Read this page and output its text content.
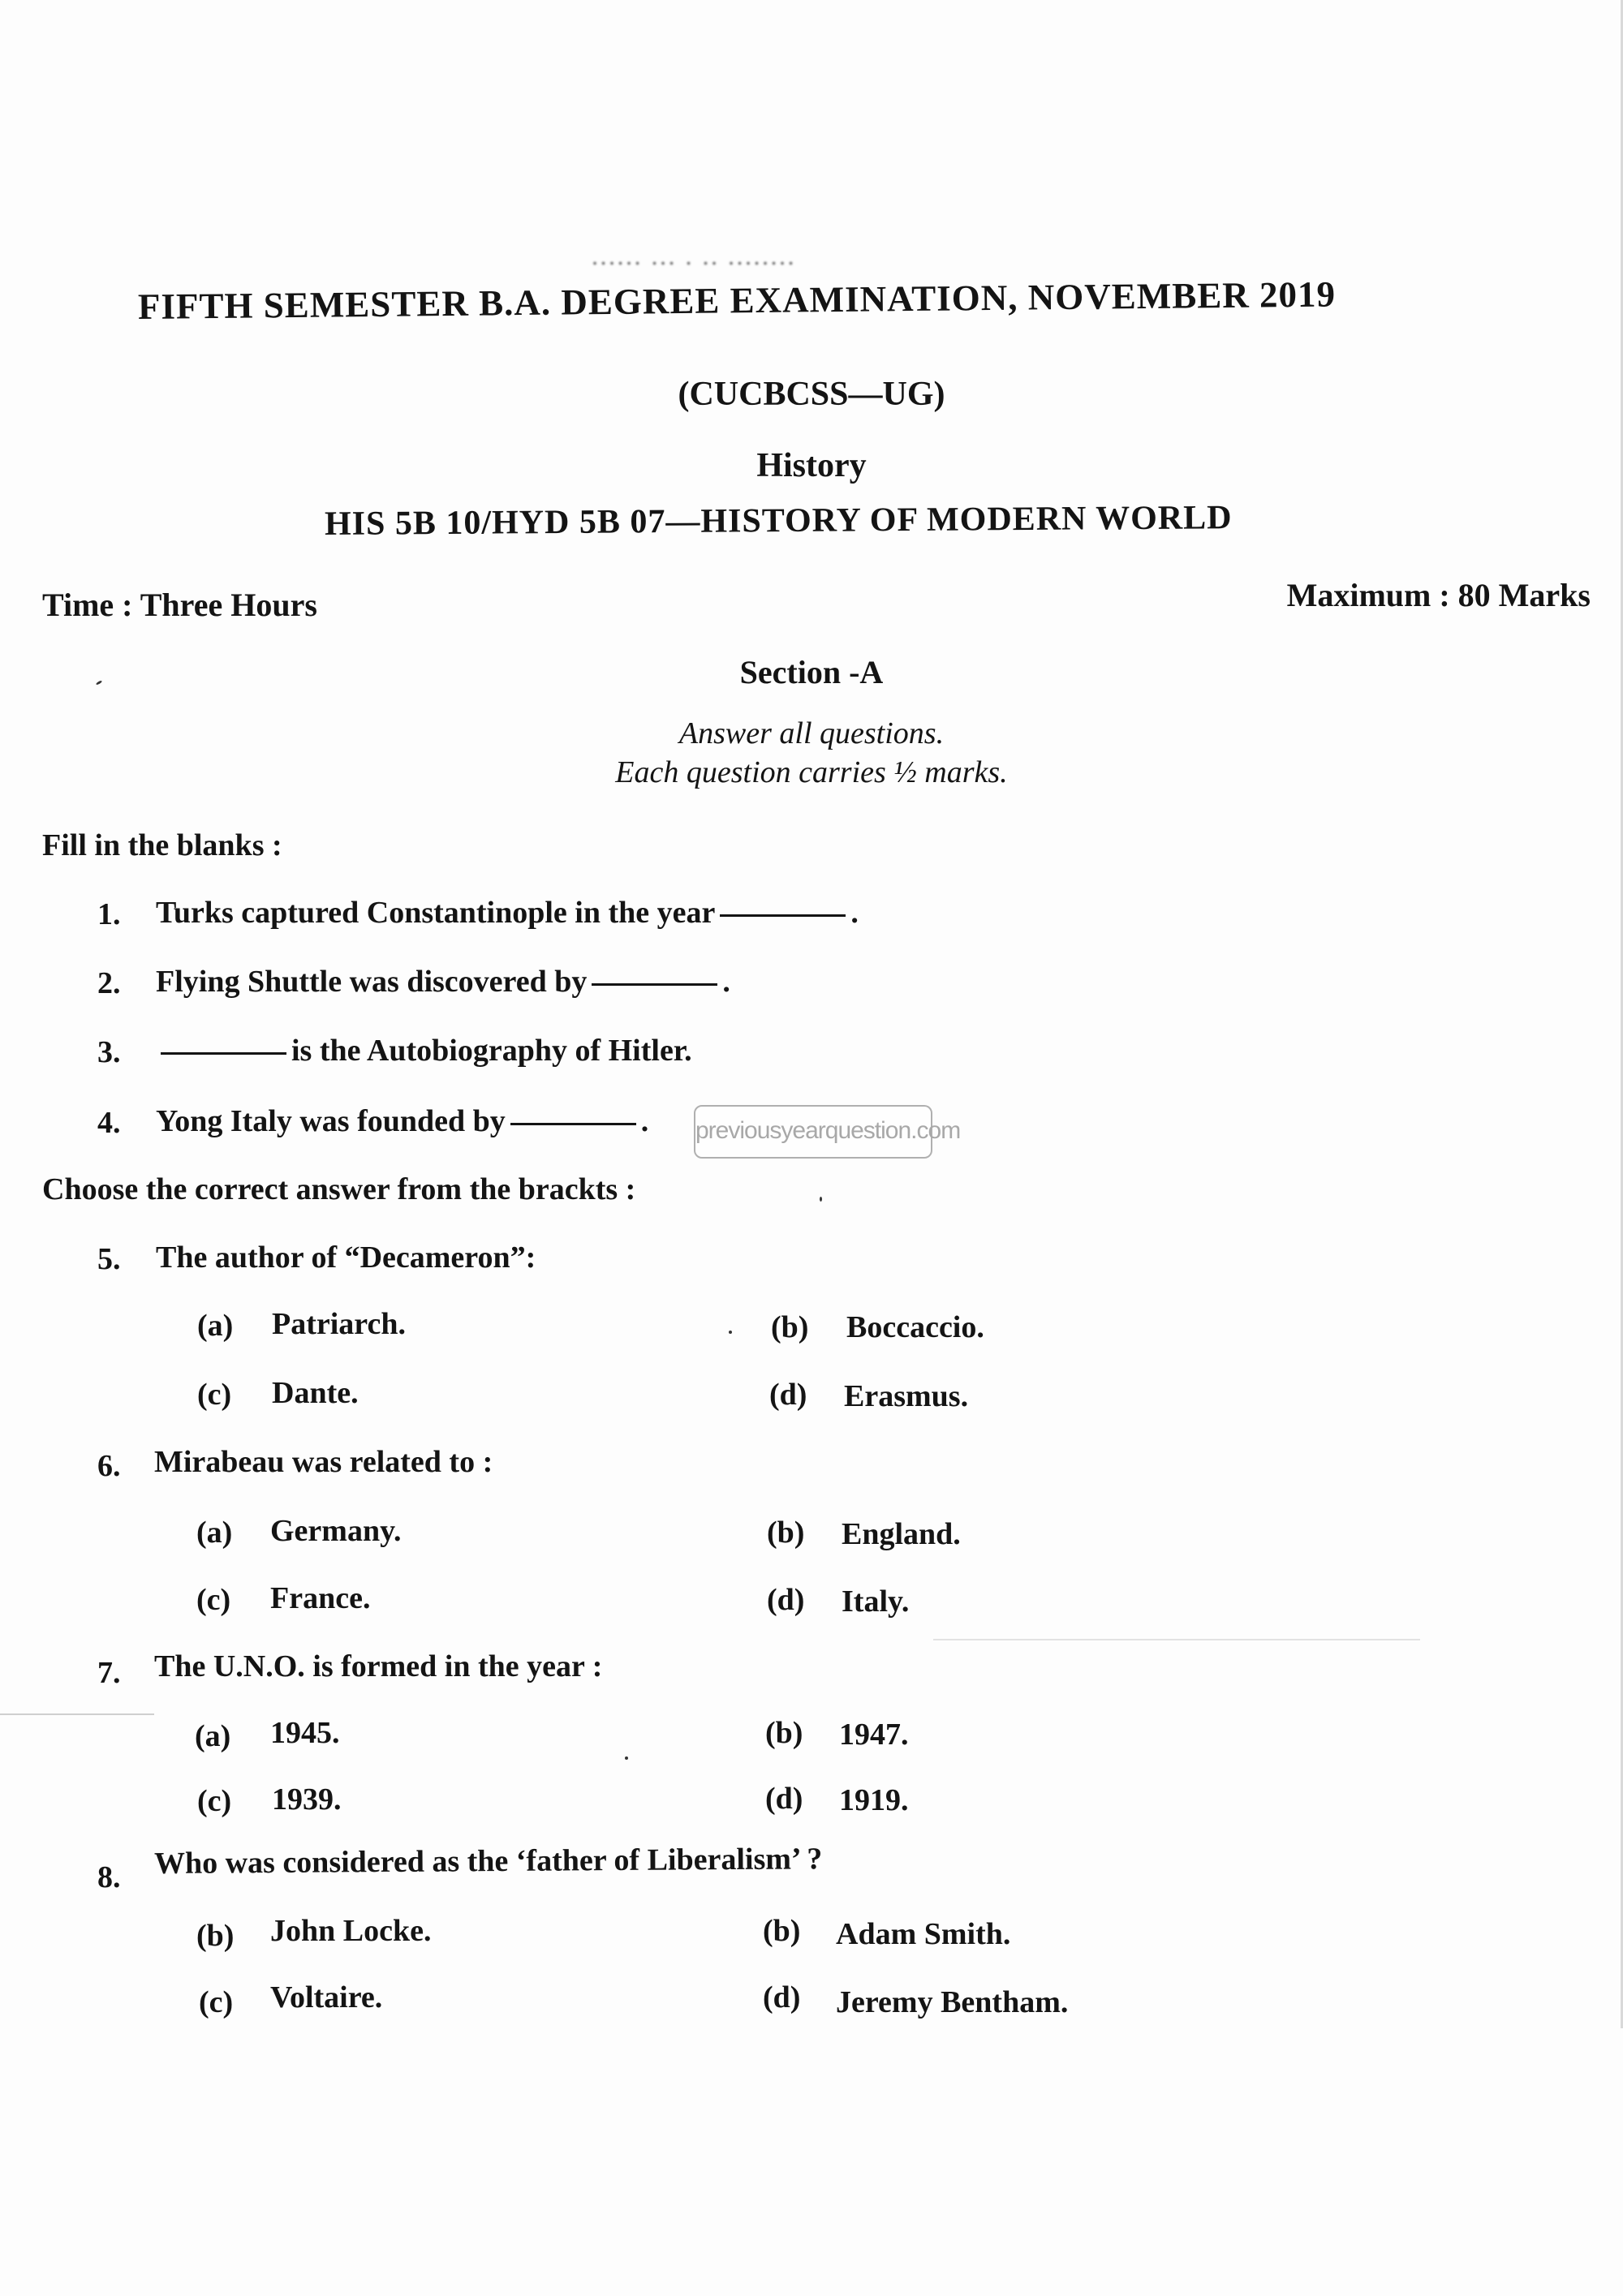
...... ... . .. ........
FIFTH SEMESTER B.A. DEGREE EXAMINATION, NOVEMBER 2019
(CUCBCSS—UG)
History
HIS 5B 10/HYD 5B 07—HISTORY OF MODERN WORLD
Time : Three Hours	Maximum : 80 Marks
Section -A
Answer all questions.
Each question carries ½ marks.
Fill in the blanks :
1.	Turks captured Constantinople in the year	.
2.	Flying Shuttle was discovered by	.
3.	is the Autobiography of Hitler.
4.	Yong Italy was founded by	. previousyearquestion.com
Choose the correct answer from the brackts :
5.	The author of “Decameron”:
(a) Patriarch.	(b) Boccaccio.
(c) Dante.	(d) Erasmus.
6.	Mirabeau was related to :
(a) Germany.	(b) England.
(c) France.	(d) Italy.
7.	The U.N.O. is formed in the year :
(a) 1945.	(b) 1947.
(c) 1939.	(d) 1919.
8.	Who was considered as the ‘father of Liberalism’ ?
(b) John Locke.	(b) Adam Smith.
(c) Voltaire.	(d) Jeremy Bentham.
